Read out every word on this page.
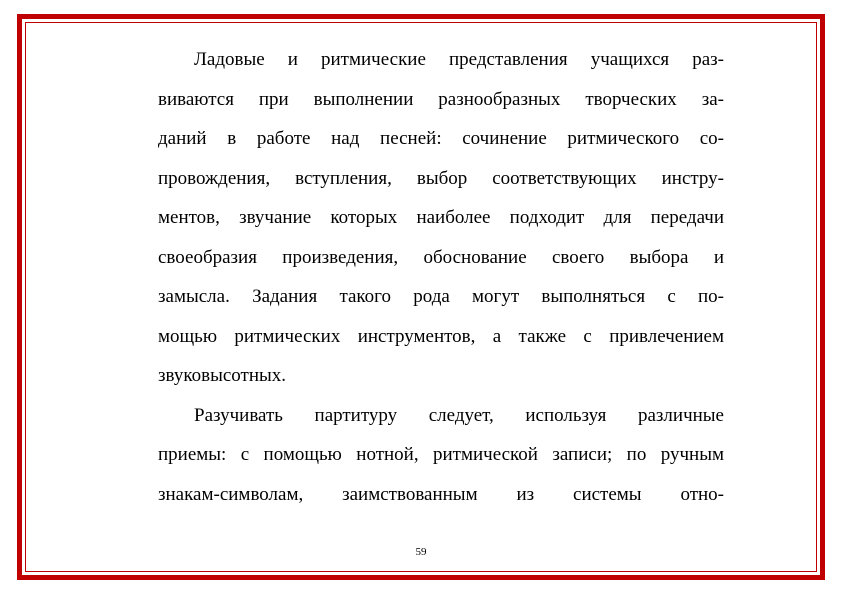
Ладовые и ритмические представления учащихся раз-
виваются при выполнении разнообразных творческих за-
даний в работе над песней: сочинение ритмического со-
провождения, вступления, выбор соответствующих инстру-
ментов, звучание которых наиболее подходит для передачи
своеобразия произведения, обоснование своего выбора и
замысла. Задания такого рода могут выполняться с по-
мощью ритмических инструментов, а также с привлечением
звуковысотных.
Разучивать партитуру следует, используя различные
приемы: с помощью нотной, ритмической записи; по ручным
знакам-символам, заимствованным из системы отно-
59
